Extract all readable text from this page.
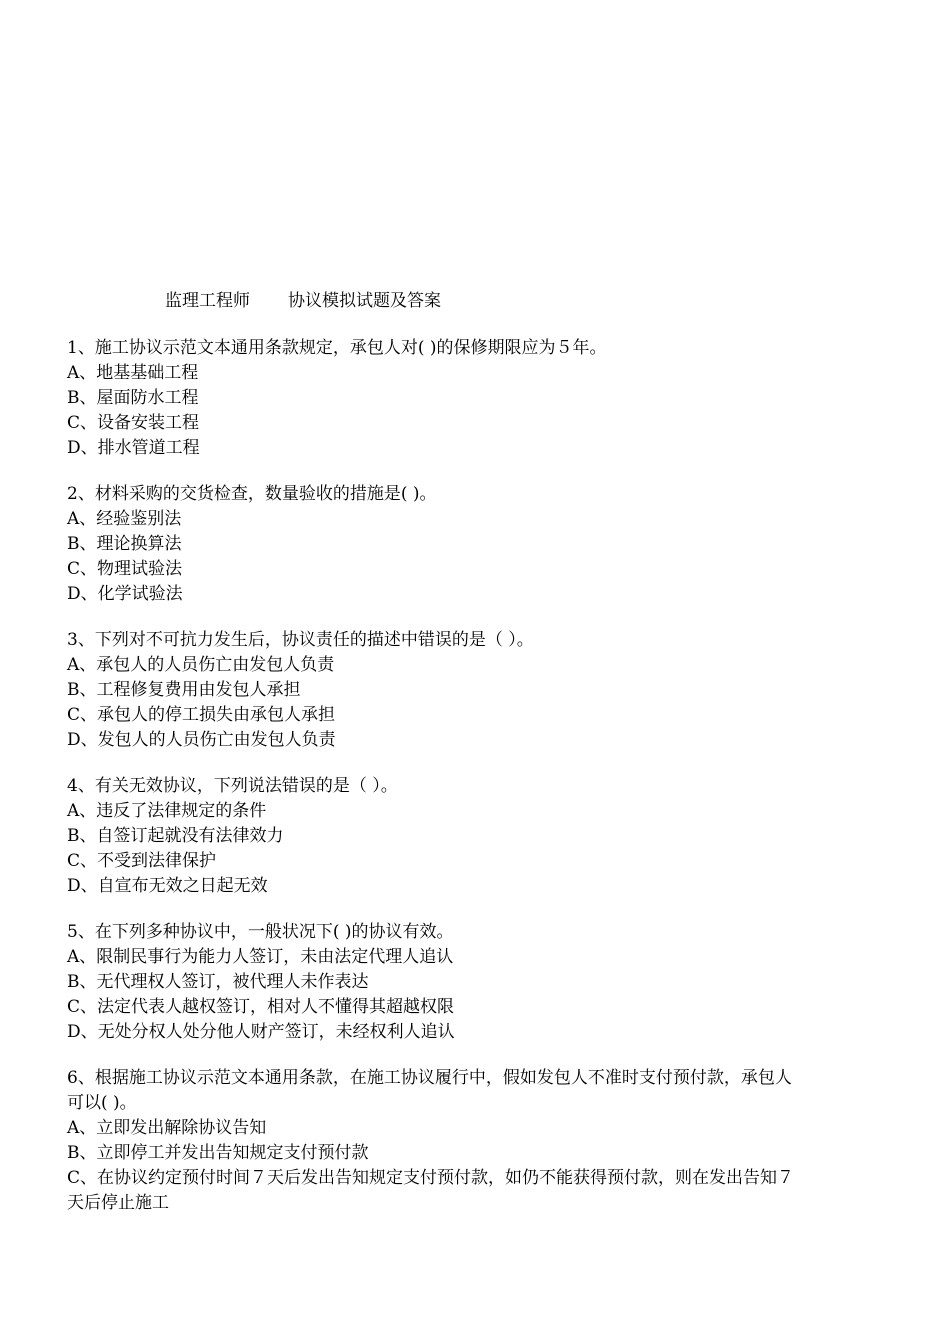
监理工程师 协议模拟试题及答案

1、施工协议示范文本通用条款规定，承包人对( )的保修期限应为５年。

A、地基基础工程

B、屋面防水工程

C、设备安装工程

D、排水管道工程

2、材料采购的交货检查，数量验收的措施是( )。

A、经验鉴别法

B、理论换算法

C、物理试验法

D、化学试验法

3、下列对不可抗力发生后，协议责任的描述中错误的是（ ）。

A、承包人的人员伤亡由发包人负责

B、工程修复费用由发包人承担

C、承包人的停工损失由承包人承担

D、发包人的人员伤亡由发包人负责

4、有关无效协议，下列说法错误的是（ ）。

A、违反了法律规定的条件

B、自签订起就没有法律效力

C、不受到法律保护

D、自宣布无效之日起无效

5、在下列多种协议中，一般状况下( )的协议有效。

A、限制民事行为能力人签订，未由法定代理人追认

B、无代理权人签订，被代理人未作表达

C、法定代表人越权签订，相对人不懂得其超越权限

D、无处分权人处分他人财产签订，未经权利人追认

6、根据施工协议示范文本通用条款，在施工协议履行中，假如发包人不准时支付预付款，承包人

可以( )。

A、立即发出解除协议告知

B、立即停工并发出告知规定支付预付款

C、在协议约定预付时间７天后发出告知规定支付预付款，如仍不能获得预付款，则在发出告知７

天后停止施工
